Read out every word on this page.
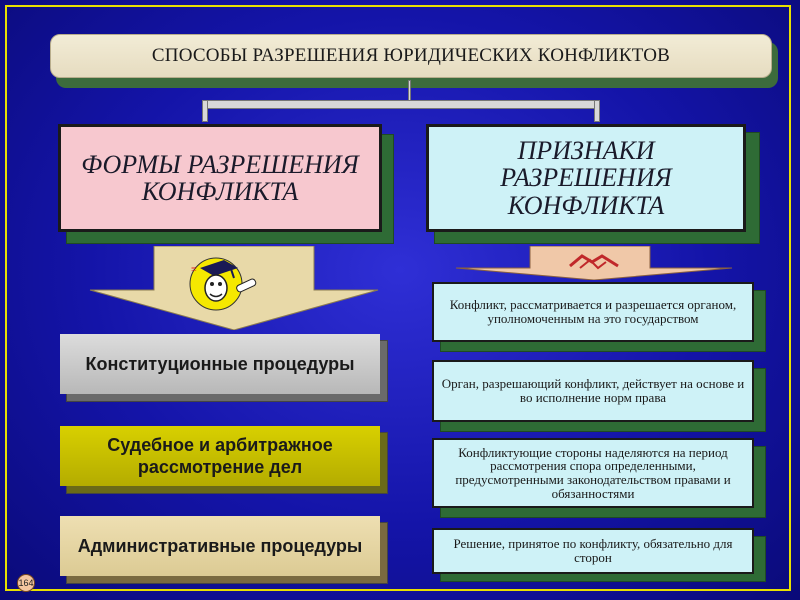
СПОСОБЫ РАЗРЕШЕНИЯ ЮРИДИЧЕСКИХ КОНФЛИКТОВ
ФОРМЫ РАЗРЕШЕНИЯ КОНФЛИКТА
ПРИЗНАКИ РАЗРЕШЕНИЯ КОНФЛИКТА
≡
Конституционные процедуры
Судебное и арбитражное рассмотрение дел
Административные процедуры
Конфликт, рассматривается и разрешается органом, уполномоченным на это государством
Орган, разрешающий конфликт, действует на основе и во исполнение норм права
Конфликтующие стороны наделяются на период рассмотрения спора определенными, предусмотренными законодательством правами и обязанностями
Решение, принятое по конфликту, обязательно для сторон
164
